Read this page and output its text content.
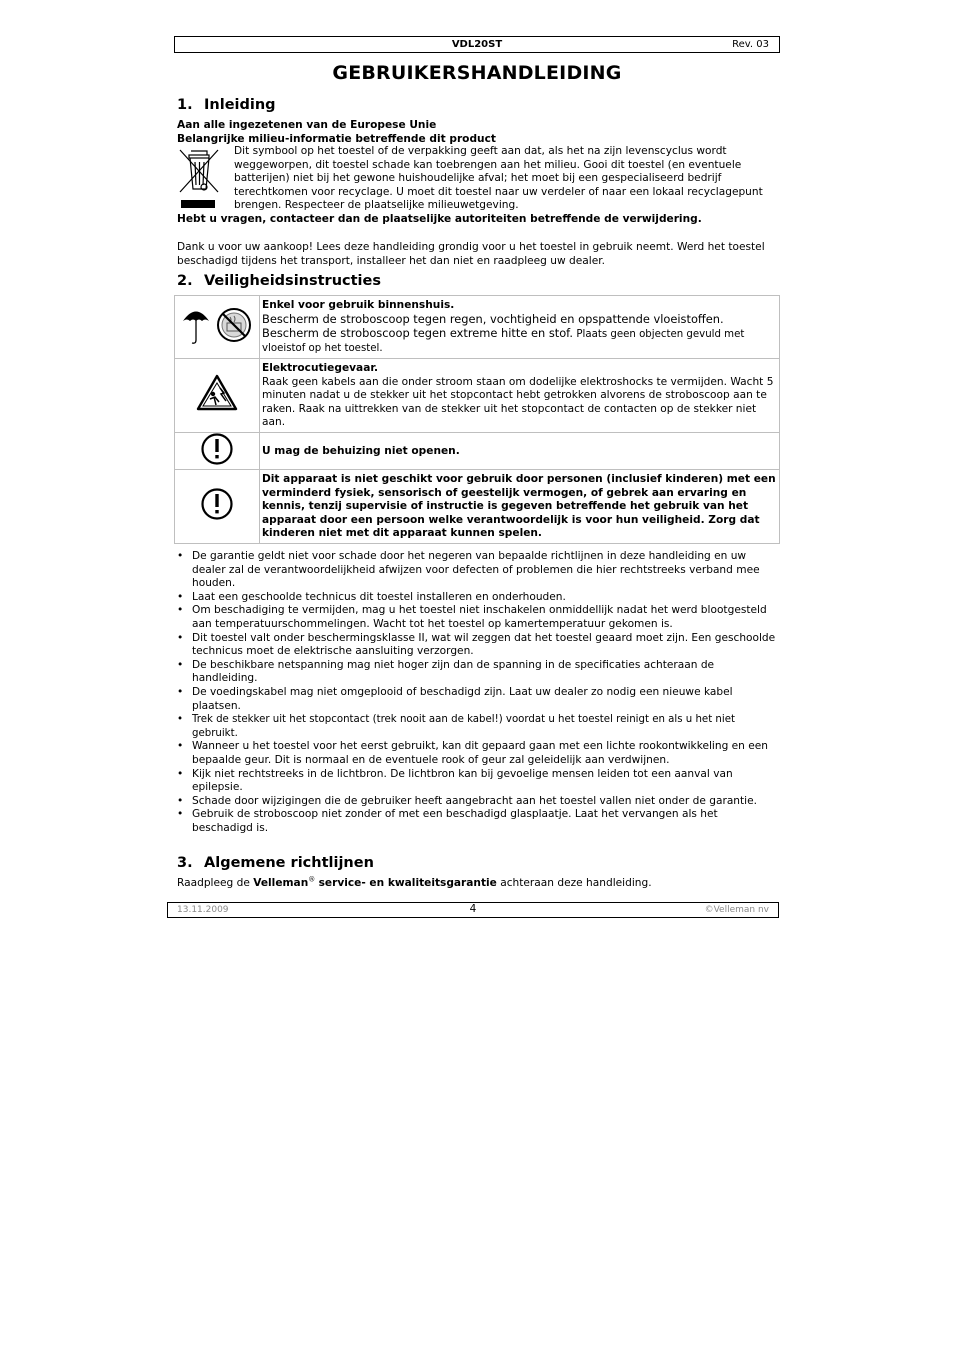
VDL20ST	Rev. 03
GEBRUIKERSHANDLEIDING
1. Inleiding
Aan alle ingezetenen van de Europese Unie
Belangrijke milieu-informatie betreffende dit product
Dit symbool op het toestel of de verpakking geeft aan dat, als het na zijn levenscyclus wordt weggeworpen, dit toestel schade kan toebrengen aan het milieu. Gooi dit toestel (en eventuele batterijen) niet bij het gewone huishoudelijke afval; het moet bij een gespecialiseerd bedrijf terechtkomen voor recyclage. U moet dit toestel naar uw verdeler of naar een lokaal recyclagepunt brengen. Respecteer de plaatselijke milieuwetgeving.
Hebt u vragen, contacteer dan de plaatselijke autoriteiten betreffende de verwijdering.
Dank u voor uw aankoop! Lees deze handleiding grondig voor u het toestel in gebruik neemt. Werd het toestel beschadigd tijdens het transport, installeer het dan niet en raadpleeg uw dealer.
2. Veiligheidsinstructies

Enkel voor gebruik binnenshuis.
Bescherm de stroboscoop tegen regen, vochtigheid en opspattende vloeistoffen. Bescherm de stroboscoop tegen extreme hitte en stof. Plaats geen objecten gevuld met vloeistof op het toestel.

Elektrocutiegevaar.
Raak geen kabels aan die onder stroom staan om dodelijke elektroshocks te vermijden. Wacht 5 minuten nadat u de stekker uit het stopcontact hebt getrokken alvorens de stroboscoop aan te raken. Raak na uittrekken van de stekker uit het stopcontact de contacten op de stekker niet aan.

U mag de behuizing niet openen.

Dit apparaat is niet geschikt voor gebruik door personen (inclusief kinderen) met een verminderd fysiek, sensorisch of geestelijk vermogen, of gebrek aan ervaring en kennis, tenzij supervisie of instructie is gegeven betreffende het gebruik van het apparaat door een persoon welke verantwoordelijk is voor hun veiligheid. Zorg dat kinderen niet met dit apparaat kunnen spelen.
• De garantie geldt niet voor schade door het negeren van bepaalde richtlijnen in deze handleiding en uw dealer zal de verantwoordelijkheid afwijzen voor defecten of problemen die hier rechtstreeks verband mee houden.
• Laat een geschoolde technicus dit toestel installeren en onderhouden.
• Om beschadiging te vermijden, mag u het toestel niet inschakelen onmiddellijk nadat het werd blootgesteld aan temperatuurschommelingen. Wacht tot het toestel op kamertemperatuur gekomen is.
• Dit toestel valt onder beschermingsklasse II, wat wil zeggen dat het toestel geaard moet zijn. Een geschoolde technicus moet de elektrische aansluiting verzorgen.
• De beschikbare netspanning mag niet hoger zijn dan de spanning in de specificaties achteraan de handleiding.
• De voedingskabel mag niet omgeplooid of beschadigd zijn. Laat uw dealer zo nodig een nieuwe kabel plaatsen.
• Trek de stekker uit het stopcontact (trek nooit aan de kabel!) voordat u het toestel reinigt en als u het niet gebruikt.
• Wanneer u het toestel voor het eerst gebruikt, kan dit gepaard gaan met een lichte rookontwikkeling en een bepaalde geur. Dit is normaal en de eventuele rook of geur zal geleidelijk aan verdwijnen.
• Kijk niet rechtstreeks in de lichtbron. De lichtbron kan bij gevoelige mensen leiden tot een aanval van epilepsie.
• Schade door wijzigingen die de gebruiker heeft aangebracht aan het toestel vallen niet onder de garantie.
• Gebruik de stroboscoop niet zonder of met een beschadigd glasplaatje. Laat het vervangen als het beschadigd is.
3. Algemene richtlijnen
Raadpleeg de Velleman® service- en kwaliteitsgarantie achteraan deze handleiding.
13.11.2009	4	©Velleman nv
